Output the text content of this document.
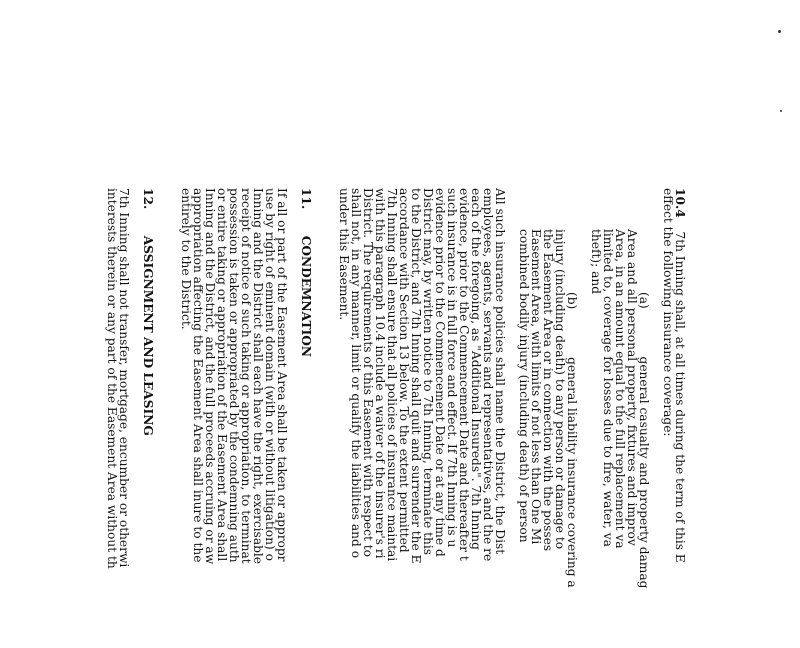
10.4  7th Inning shall, at all times during the term of this E
effect the following insurance coverage:
(a)  general casualty and property damag
Area and all personal property, fixtures and improv
Area, in an amount equal to the full replacement va
limited to, coverage for losses due to fire, water, va
theft); and
(b)  general liability insurance covering a
injury (including death) to any person or damage to
the Easement Area or in connection with the posses
Easement Area, with limits of not less than One Mi
combined bodily injury (including death) of person
All such insurance policies shall name the District, the Dist
employees, agents, servants and representatives, and the re
each of the foregoing, as "Additional Insureds". 7th Inning
evidence, prior to the Commencement Date and thereafter t
such insurance is in full force and effect. If 7th Inning is u
evidence prior to the Commencement Date or at any time d
District may, by written notice to 7th Inning, terminate this
to the District, and 7th Inning shall quit and surrender the E
accordance with Section 13 below. To the extent permitted
7th Inning shall ensure that all policies of insurance maintai
with this paragraph 10.4 include a waiver of the insurer's ri
District. The requirements of this Easement with respect to
shall not, in any manner, limit or qualify the liabilities and o
under this Easement.
11.  CONDEMNATION
If all or part of the Easement Area shall be taken or appropr
use by right of eminent domain (with or without litigation) o
Inning and the District shall each have the right, exercisable
receipt of notice of such taking or appropriation, to terminat
possession is taken or appropriated by the condemning auth
or entire taking or appropriation of the Easement Area shall
Inning and the District, and the full proceeds accruing or aw
appropriation affecting the Easement Area shall inure to the
entirely to the District.
12.  ASSIGNMENT AND LEASING
7th Inning shall not transfer, mortgage, encumber or otherwi
interests therein or any part of the Easement Area without th
